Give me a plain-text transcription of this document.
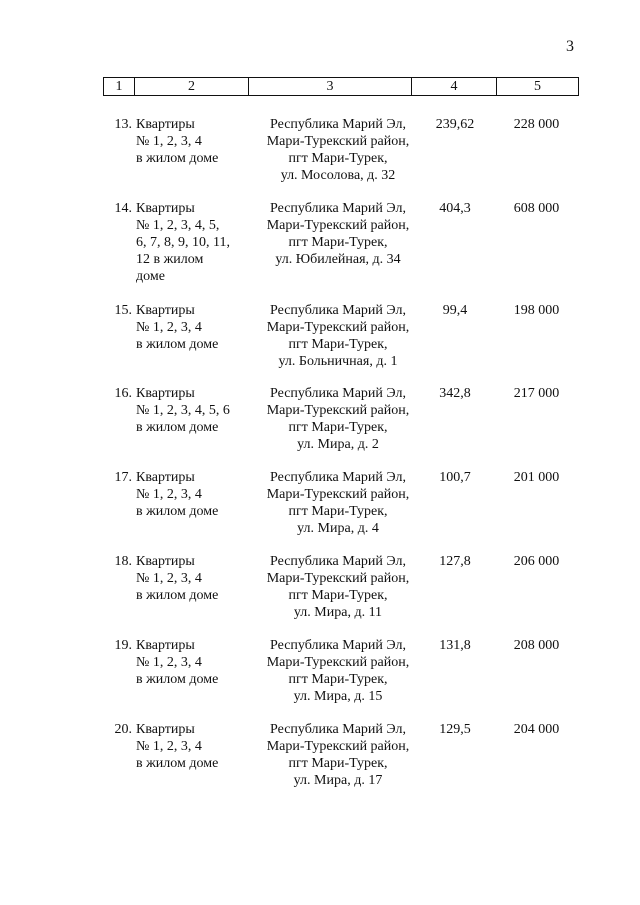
3
1	2	3	4	5
13. Квартиры
№ 1, 2, 3, 4
в жилом доме
Республика Марий Эл,
Мари-Турекский район,
пгт Мари-Турек,
ул. Мосолова, д. 32
239,62	228 000
14. Квартиры
№ 1, 2, 3, 4, 5,
6, 7, 8, 9, 10, 11,
12 в жилом
доме
Республика Марий Эл,
Мари-Турекский район,
пгт Мари-Турек,
ул. Юбилейная, д. 34
404,3	608 000
15. Квартиры
№ 1, 2, 3, 4
в жилом доме
Республика Марий Эл,
Мари-Турекский район,
пгт Мари-Турек,
ул. Больничная, д. 1
99,4	198 000
16. Квартиры
№ 1, 2, 3, 4, 5, 6
в жилом доме
Республика Марий Эл,
Мари-Турекский район,
пгт Мари-Турек,
ул. Мира, д. 2
342,8	217 000
17. Квартиры
№ 1, 2, 3, 4
в жилом доме
Республика Марий Эл,
Мари-Турекский район,
пгт Мари-Турек,
ул. Мира, д. 4
100,7	201 000
18. Квартиры
№ 1, 2, 3, 4
в жилом доме
Республика Марий Эл,
Мари-Турекский район,
пгт Мари-Турек,
ул. Мира, д. 11
127,8	206 000
19. Квартиры
№ 1, 2, 3, 4
в жилом доме
Республика Марий Эл,
Мари-Турекский район,
пгт Мари-Турек,
ул. Мира, д. 15
131,8	208 000
20. Квартиры
№ 1, 2, 3, 4
в жилом доме
Республика Марий Эл,
Мари-Турекский район,
пгт Мари-Турек,
ул. Мира, д. 17
129,5	204 000
